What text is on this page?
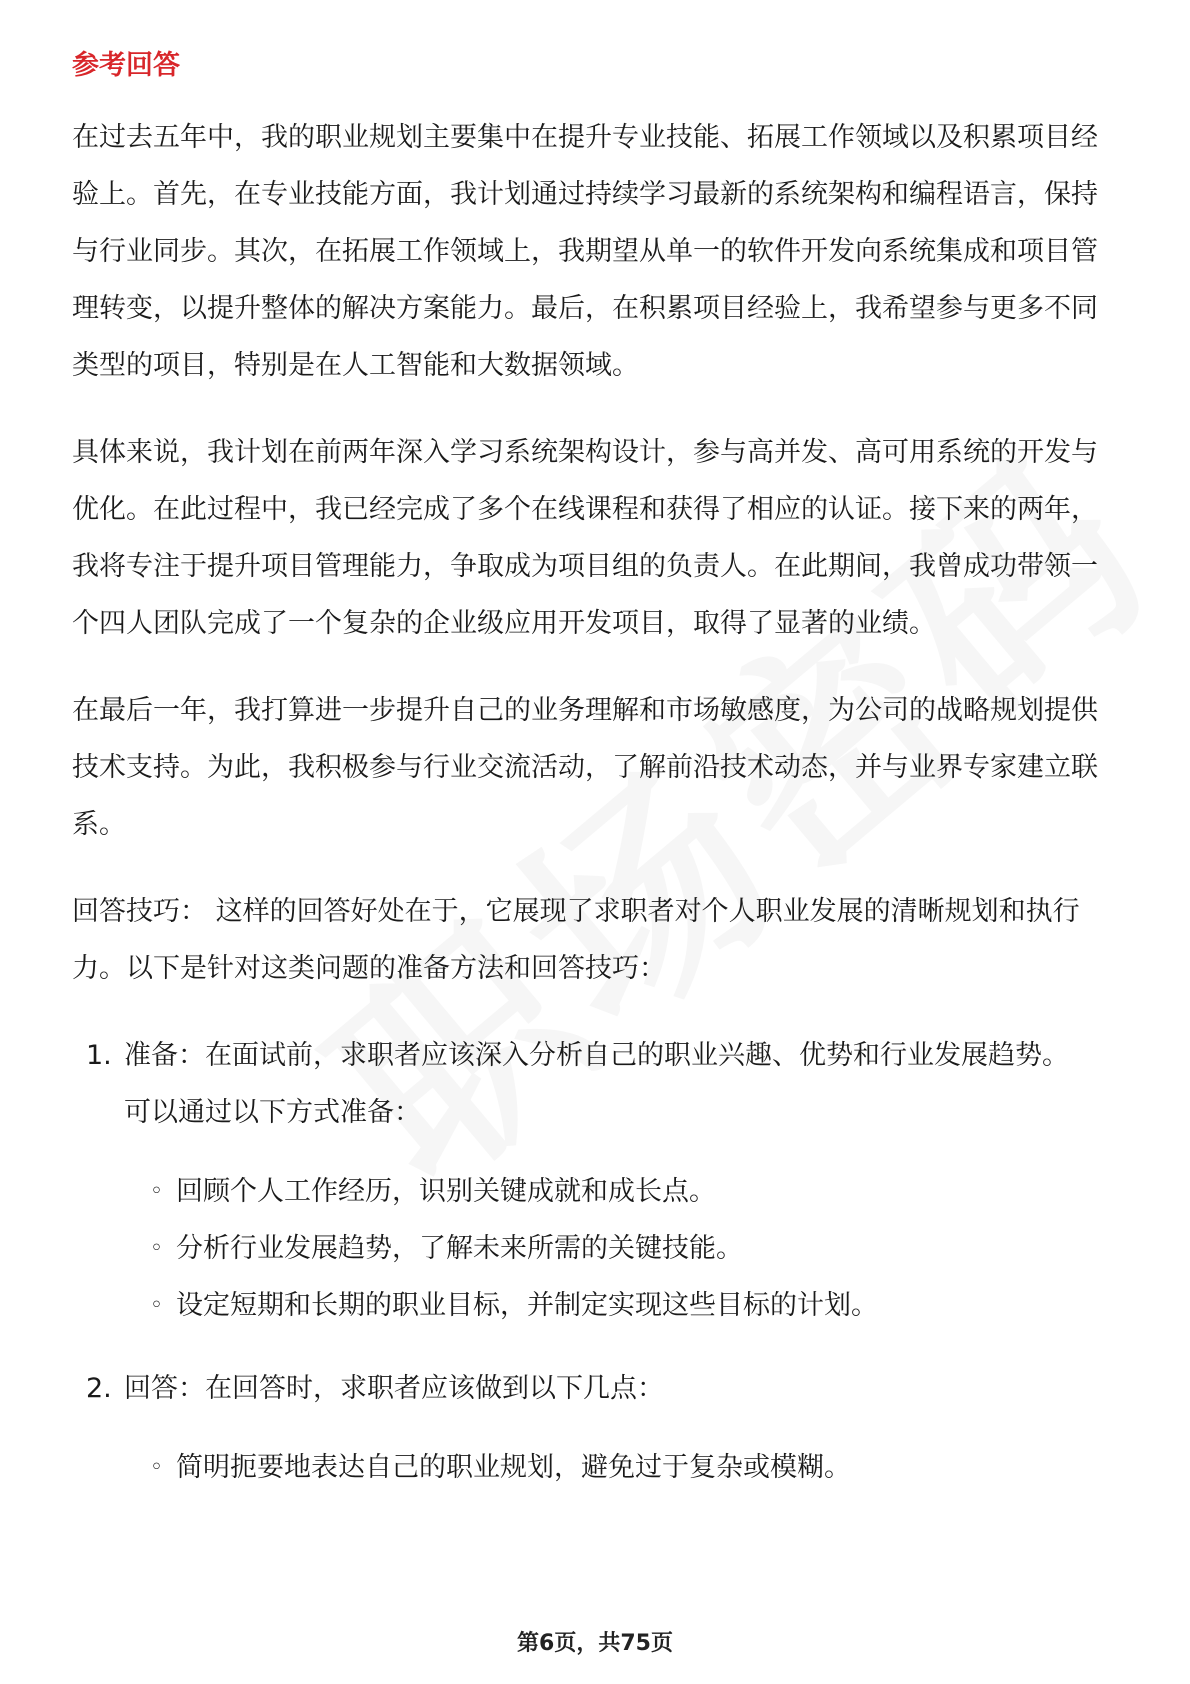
参考回答

在过去五年中，我的职业规划主要集中在提升专业技能、拓展工作领域以及积累项目经验上。首先，在专业技能方面，我计划通过持续学习最新的系统架构和编程语言，保持与行业同步。其次，在拓展工作领域上，我期望从单一的软件开发向系统集成和项目管理转变，以提升整体的解决方案能力。最后，在积累项目经验上，我希望参与更多不同类型的项目，特别是在人工智能和大数据领域。

具体来说，我计划在前两年深入学习系统架构设计，参与高并发、高可用系统的开发与优化。在此过程中，我已经完成了多个在线课程和获得了相应的认证。接下来的两年，我将专注于提升项目管理能力，争取成为项目组的负责人。在此期间，我曾成功带领一个四人团队完成了一个复杂的企业级应用开发项目，取得了显著的业绩。

在最后一年，我打算进一步提升自己的业务理解和市场敏感度，为公司的战略规划提供技术支持。为此，我积极参与行业交流活动，了解前沿技术动态，并与业界专家建立联系。

回答技巧： 这样的回答好处在于，它展现了求职者对个人职业发展的清晰规划和执行力。以下是针对这类问题的准备方法和回答技巧：

1. 准备：在面试前，求职者应该深入分析自己的职业兴趣、优势和行业发展趋势。可以通过以下方式准备：
◦ 回顾个人工作经历，识别关键成就和成长点。
◦ 分析行业发展趋势，了解未来所需的关键技能。
◦ 设定短期和长期的职业目标，并制定实现这些目标的计划。
2. 回答：在回答时，求职者应该做到以下几点：
◦ 简明扼要地表达自己的职业规划，避免过于复杂或模糊。
第6页，共75页
